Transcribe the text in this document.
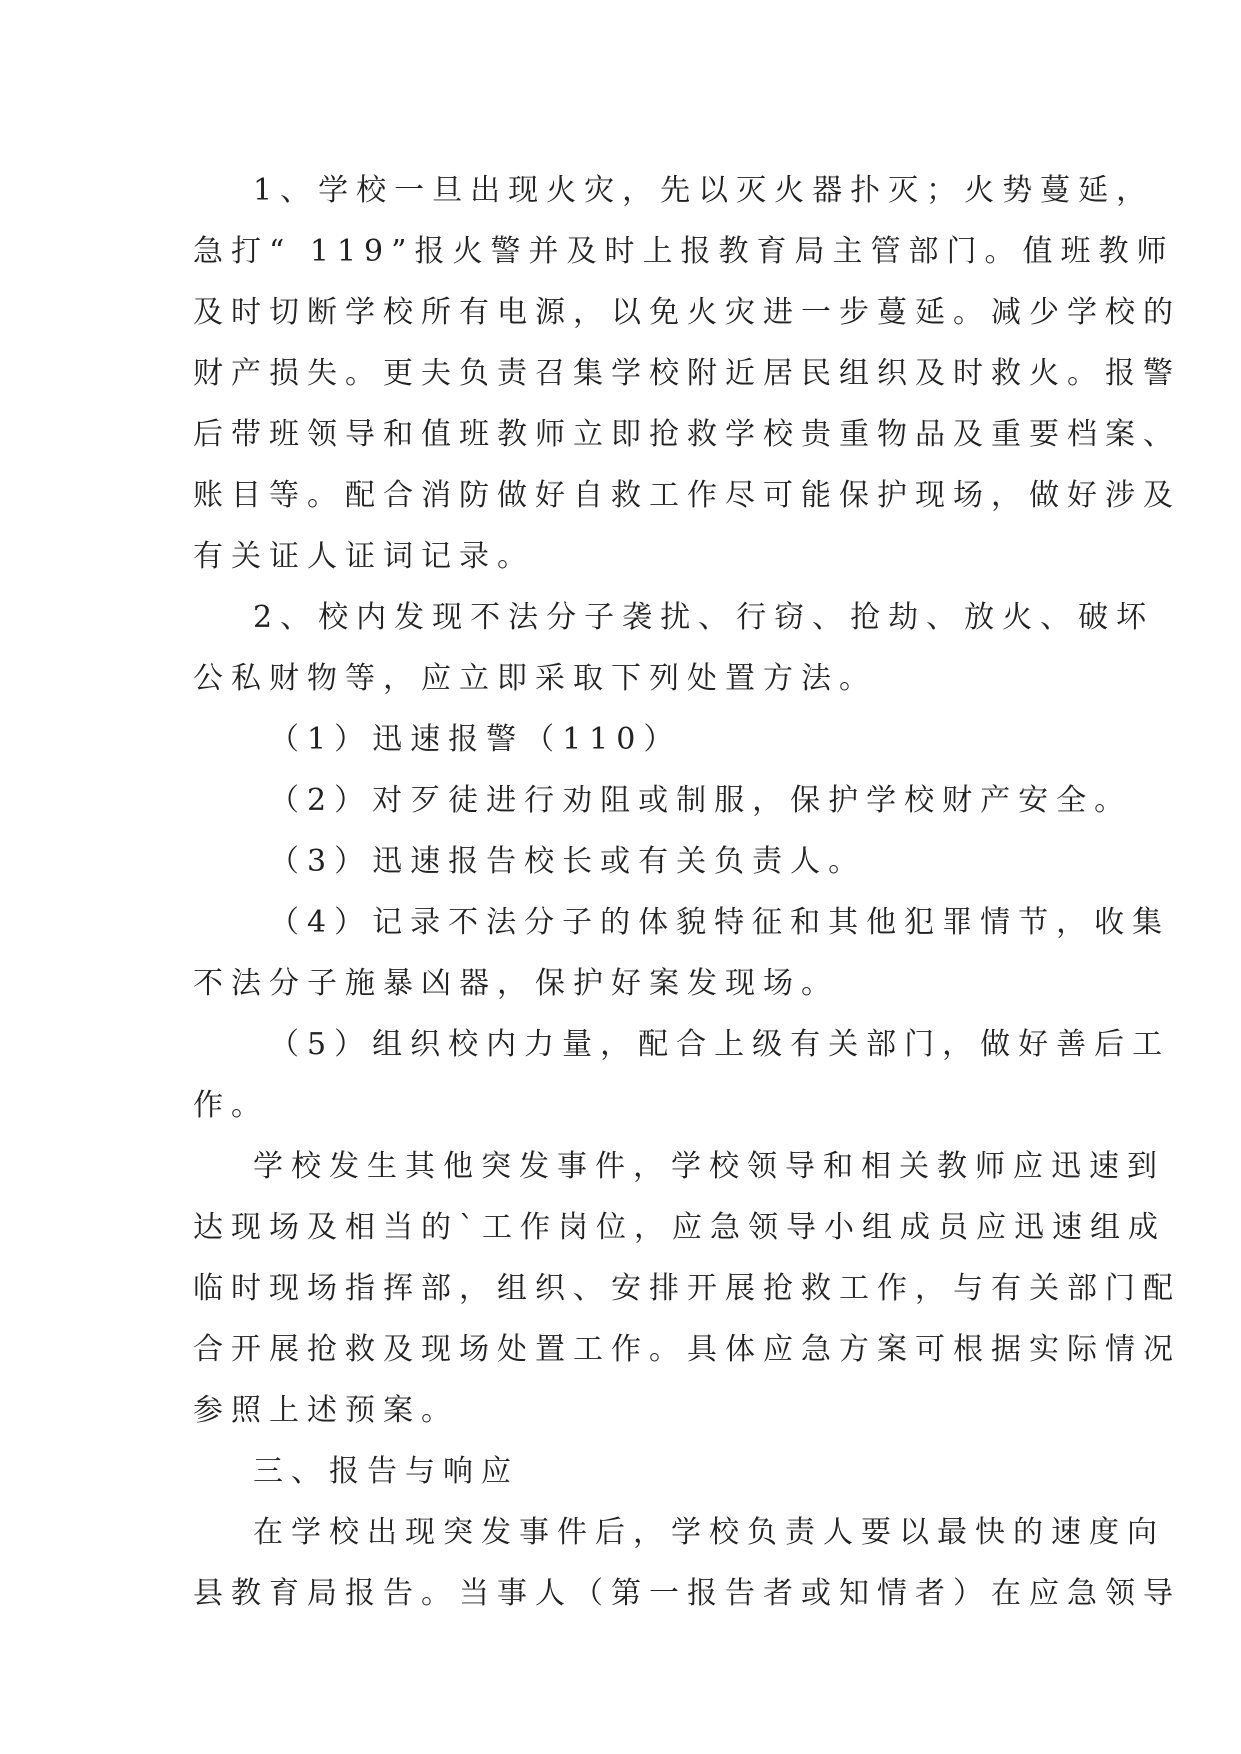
1、学校一旦出现火灾，先以灭火器扑灭；火势蔓延，
急打“ 119”报火警并及时上报教育局主管部门。值班教师
及时切断学校所有电源，以免火灾进一步蔓延。减少学校的
财产损失。更夫负责召集学校附近居民组织及时救火。报警
后带班领导和值班教师立即抢救学校贵重物品及重要档案、
账目等。配合消防做好自救工作尽可能保护现场，做好涉及
有关证人证词记录。
2、校内发现不法分子袭扰、行窃、抢劫、放火、破坏
公私财物等，应立即采取下列处置方法。
（1）迅速报警（110）
（2）对歹徒进行劝阻或制服，保护学校财产安全。
（3）迅速报告校长或有关负责人。
（4）记录不法分子的体貌特征和其他犯罪情节，收集
不法分子施暴凶器，保护好案发现场。
（5）组织校内力量，配合上级有关部门，做好善后工
作。
学校发生其他突发事件，学校领导和相关教师应迅速到
达现场及相当的`工作岗位，应急领导小组成员应迅速组成
临时现场指挥部，组织、安排开展抢救工作，与有关部门配
合开展抢救及现场处置工作。具体应急方案可根据实际情况
参照上述预案。
三、报告与响应
在学校出现突发事件后，学校负责人要以最快的速度向
县教育局报告。当事人（第一报告者或知情者）在应急领导
